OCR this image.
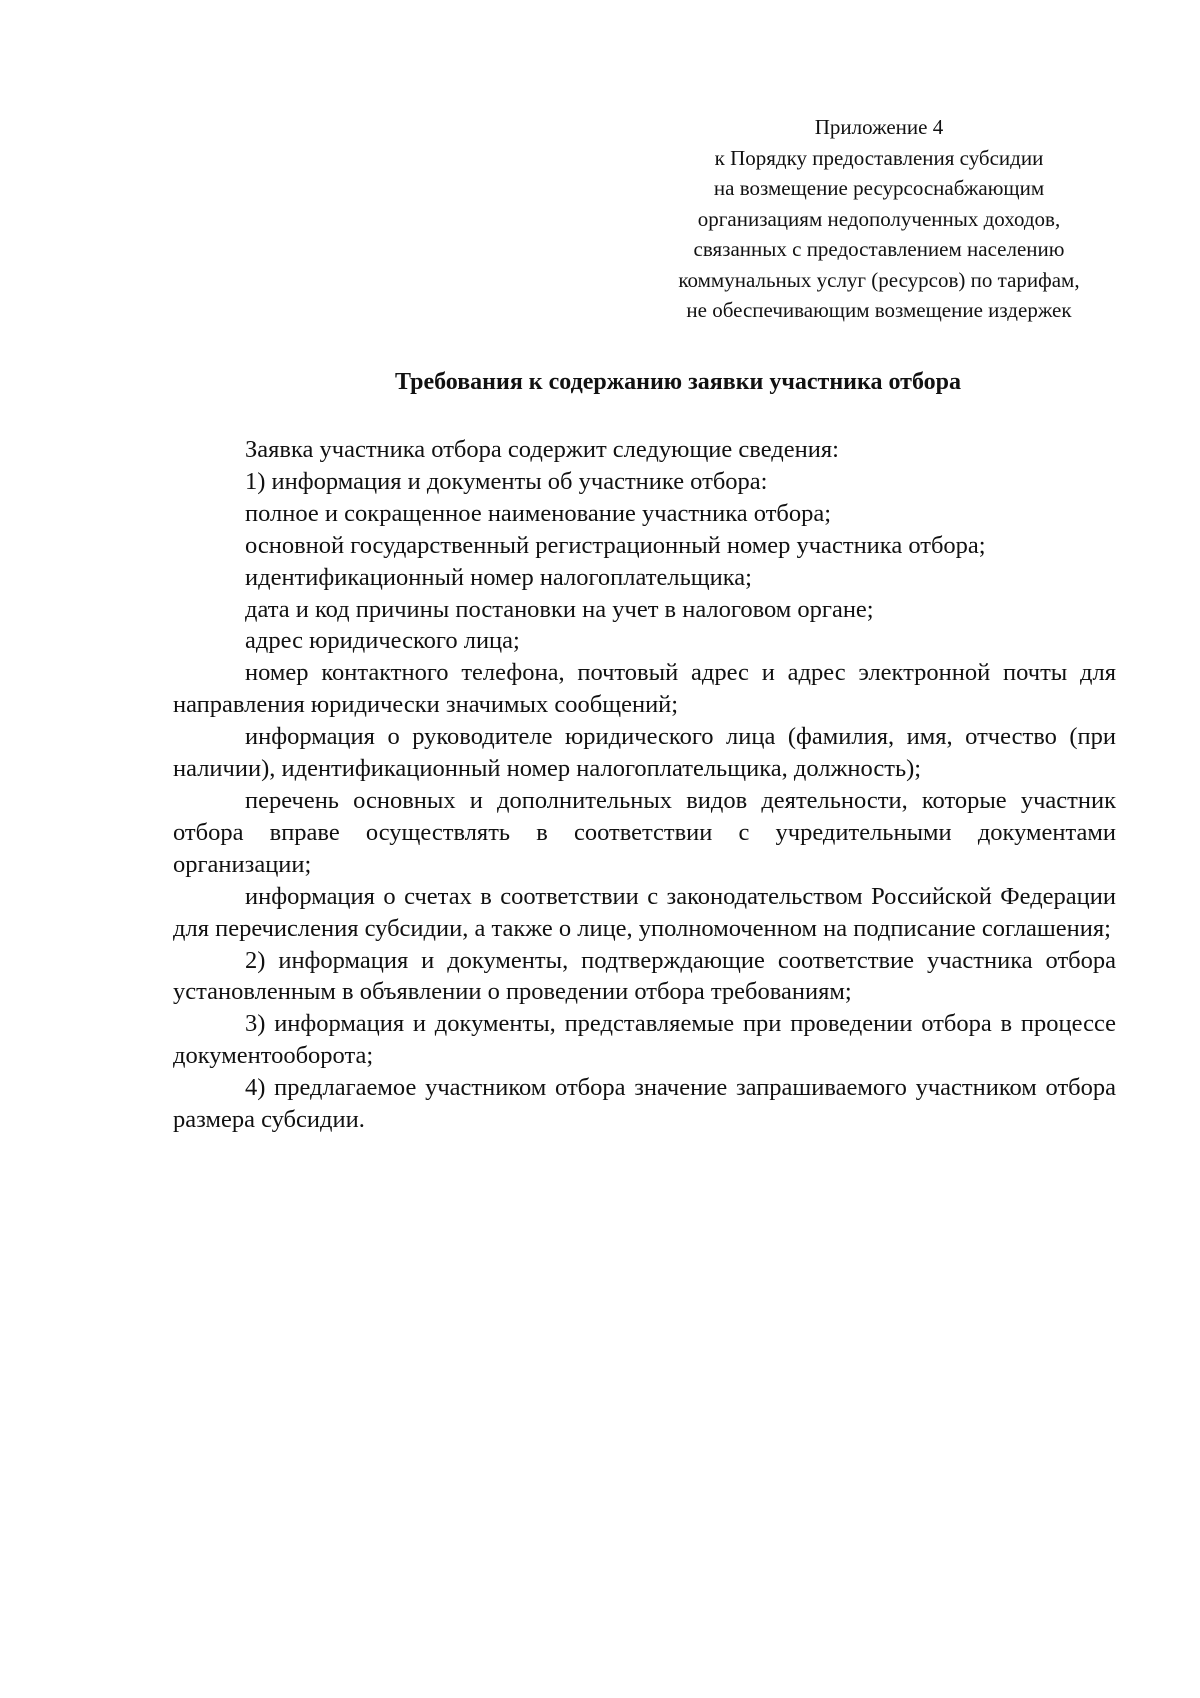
Приложение 4
к Порядку предоставления субсидии
на возмещение ресурсоснабжающим
организациям недополученных доходов,
связанных с предоставлением населению
коммунальных услуг (ресурсов) по тарифам,
не обеспечивающим возмещение издержек
Требования к содержанию заявки участника отбора

Заявка участника отбора содержит следующие сведения:

1) информация и документы об участнике отбора:

полное и сокращенное наименование участника отбора;

основной государственный регистрационный номер участника отбора;

идентификационный номер налогоплательщика;

дата и код причины постановки на учет в налоговом органе;

адрес юридического лица;

номер контактного телефона, почтовый адрес и адрес электронной почты для направления юридически значимых сообщений;

информация о руководителе юридического лица (фамилия, имя, отчество (при наличии), идентификационный номер налогоплательщика, должность);

перечень основных и дополнительных видов деятельности, которые участник отбора вправе осуществлять в соответствии с учредительными документами организации;

информация о счетах в соответствии с законодательством Российской Федерации для перечисления субсидии, а также о лице, уполномоченном на подписание соглашения;

2) информация и документы, подтверждающие соответствие участника отбора установленным в объявлении о проведении отбора требованиям;

3) информация и документы, представляемые при проведении отбора в процессе документооборота;

4) предлагаемое участником отбора значение запрашиваемого участником отбора размера субсидии.
